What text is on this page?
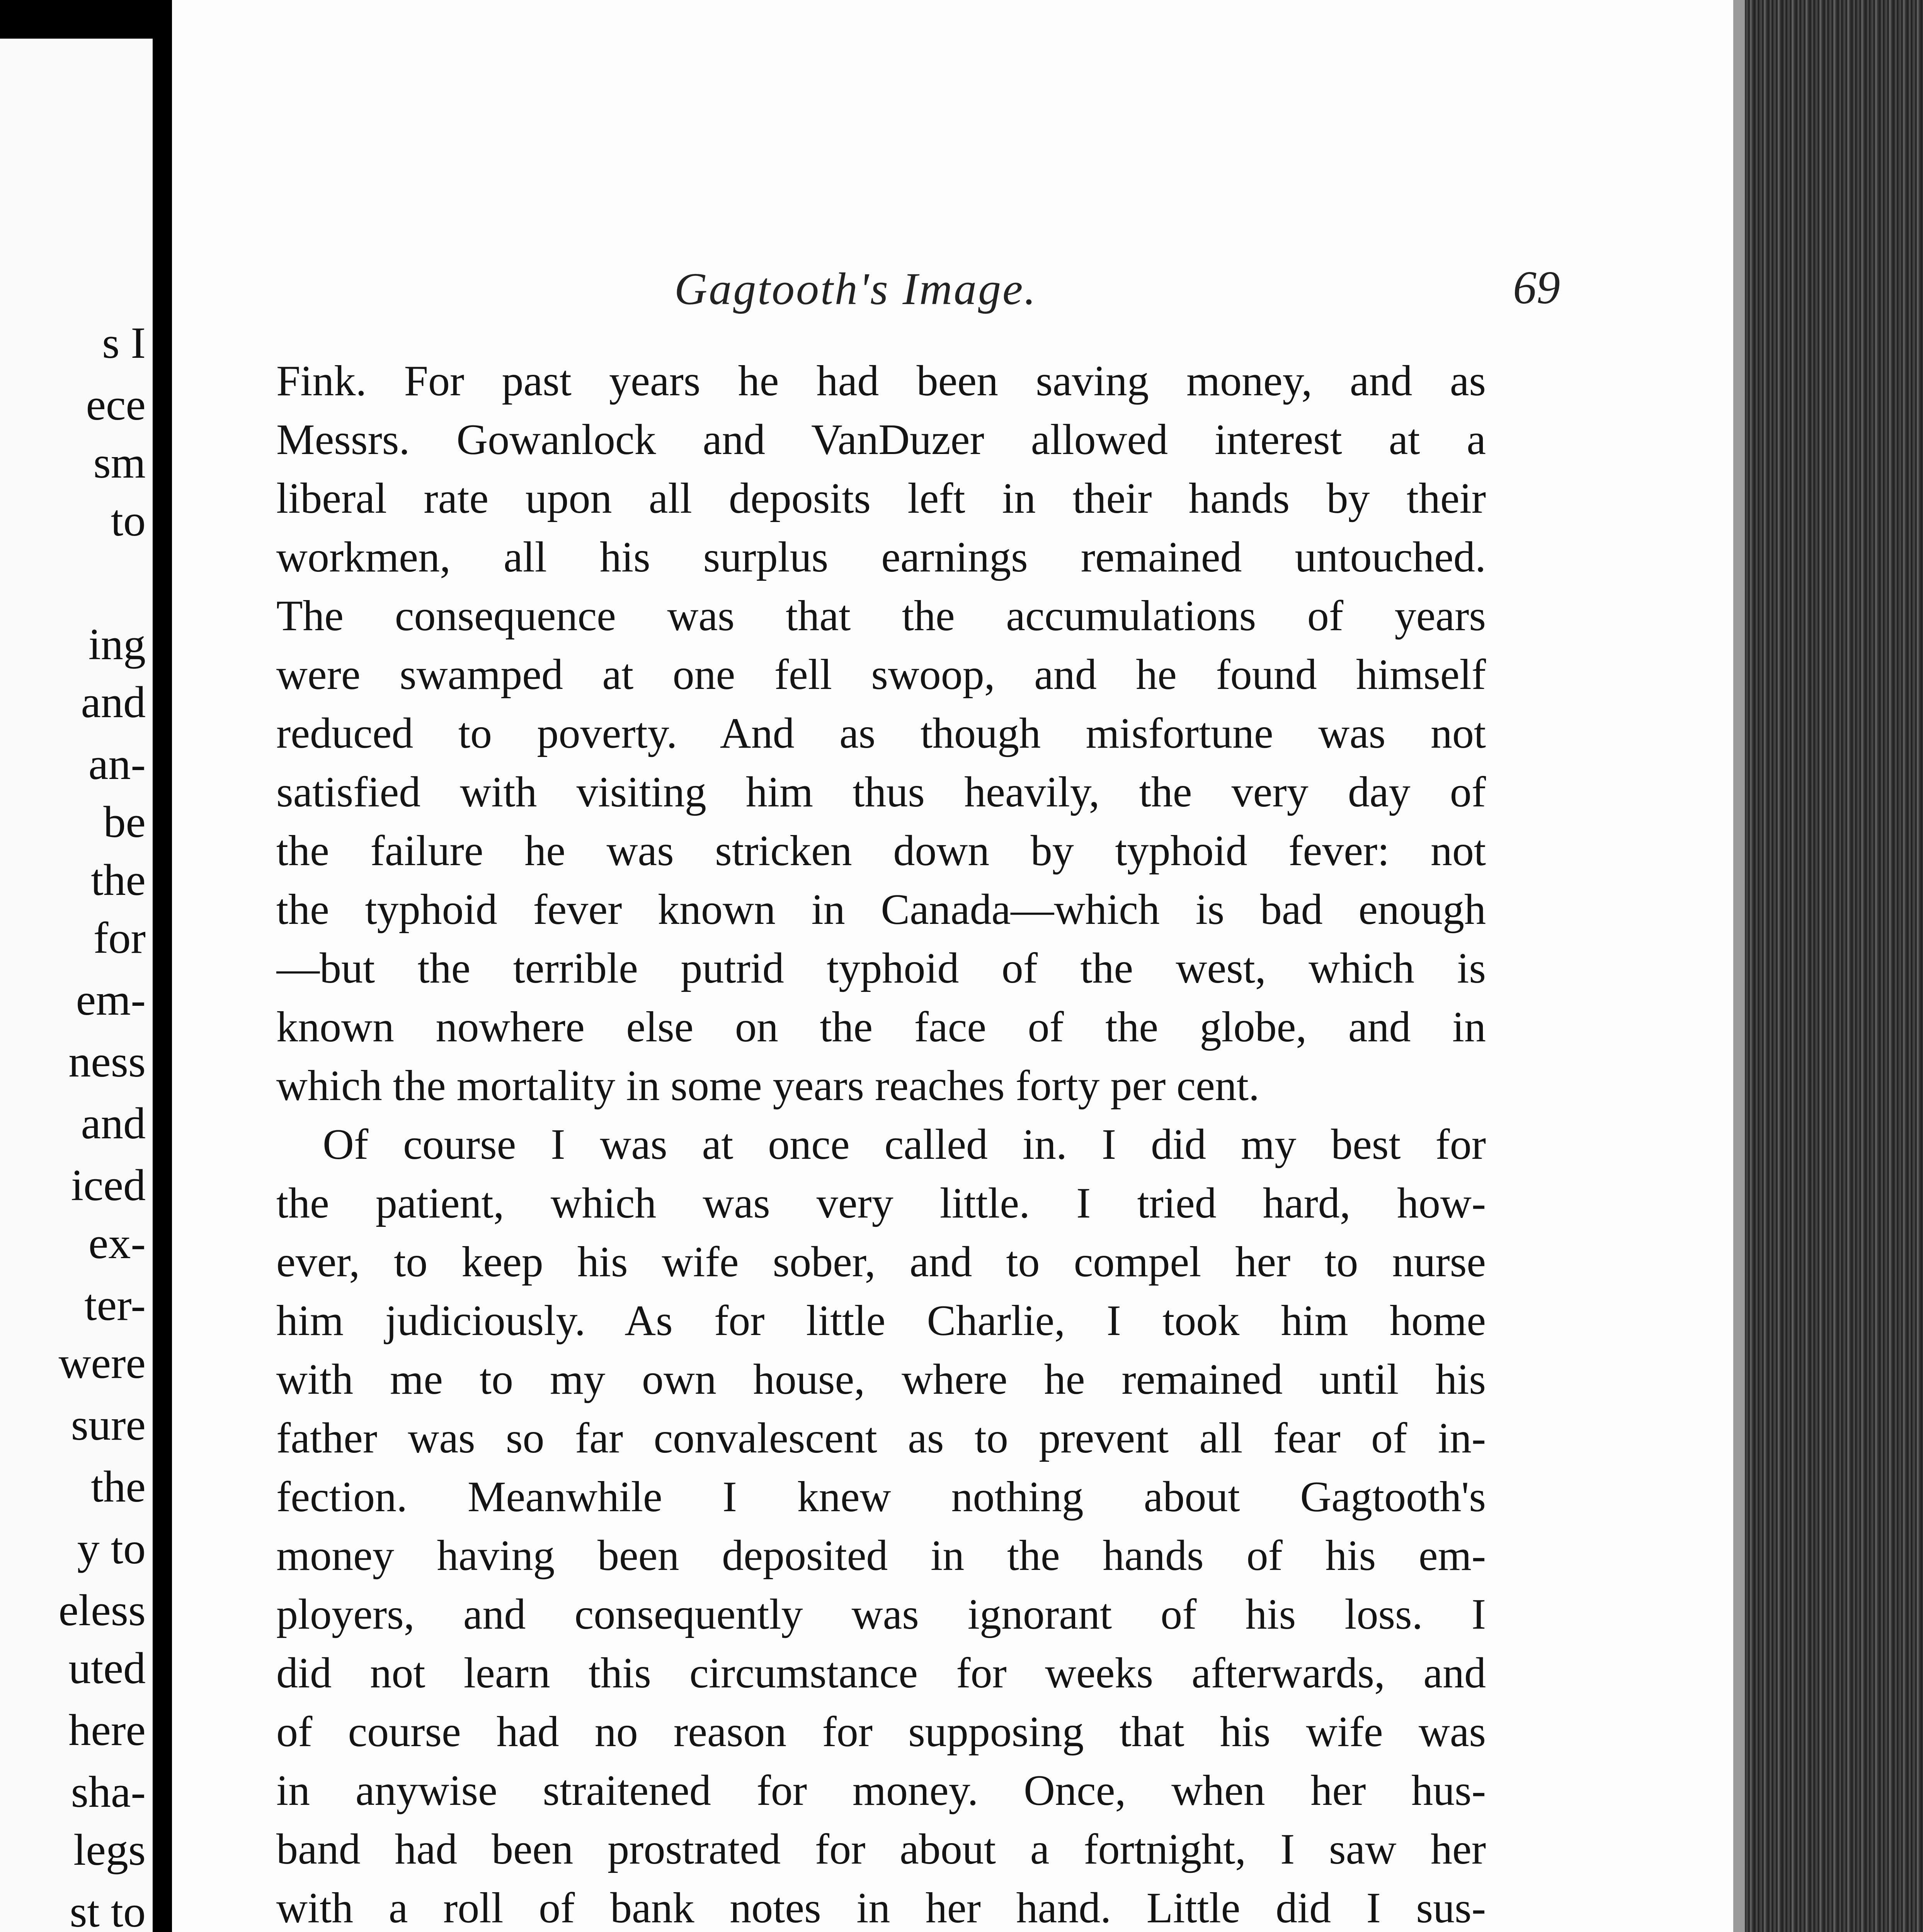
s I
ece
sm
to
ing
and
an-
be
the
for
em-
ness
and
iced
ex-
ter-
were
sure
the
y to
eless
uted
here
sha-
legs
st to
Gagtooth's Image.	69
Fink. For past years he had been saving money, and as
Messrs. Gowanlock and VanDuzer allowed interest at a
liberal rate upon all deposits left in their hands by their
workmen, all his surplus earnings remained untouched.
The consequence was that the accumulations of years
were swamped at one fell swoop, and he found himself
reduced to poverty. And as though misfortune was not
satisfied with visiting him thus heavily, the very day of
the failure he was stricken down by typhoid fever: not
the typhoid fever known in Canada—which is bad enough
—but the terrible putrid typhoid of the west, which is
known nowhere else on the face of the globe, and in
which the mortality in some years reaches forty per cent.
Of course I was at once called in. I did my best for
the patient, which was very little. I tried hard, how-
ever, to keep his wife sober, and to compel her to nurse
him judiciously. As for little Charlie, I took him home
with me to my own house, where he remained until his
father was so far convalescent as to prevent all fear of in-
fection. Meanwhile I knew nothing about Gagtooth's
money having been deposited in the hands of his em-
ployers, and consequently was ignorant of his loss. I
did not learn this circumstance for weeks afterwards, and
of course had no reason for supposing that his wife was
in anywise straitened for money. Once, when her hus-
band had been prostrated for about a fortnight, I saw her
with a roll of bank notes in her hand. Little did I sus-
